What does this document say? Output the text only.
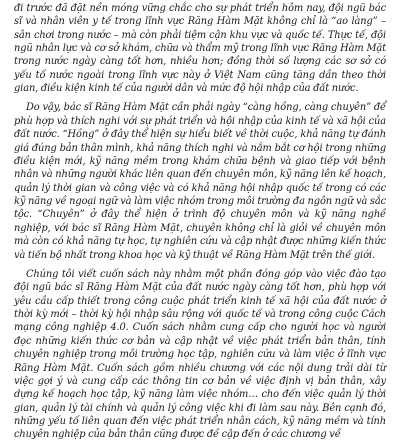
đi trước đã đặt nền móng vững chắc cho sự phát triển hôm nay, đội ngũ bác sĩ và nhân viên y tế trong lĩnh vực Răng Hàm Mặt không chỉ là “ao làng” – sân chơi trong nước – mà còn phải tiệm cận khu vực và quốc tế. Thực tế, đội ngũ nhân lực và cơ sở khám, chữa và thẩm mỹ trong lĩnh vực Răng Hàm Mặt trong nước ngày càng tốt hơn, nhiều hơn; đồng thời số lượng các sơ sở có yếu tố nước ngoài trong lĩnh vực này ở Việt Nam cũng tăng dần theo thời gian, điều kiện kinh tế của người dân và mức độ hội nhập của đất nước.

Do vậy, bác sĩ Răng Hàm Mặt cần phải ngày “càng hồng, càng chuyên” để phù hợp và thích nghi với sự phát triển và hội nhập của kinh tế và xã hội của đất nước. “Hồng” ở đây thể hiện sự hiểu biết về thời cuộc, khả năng tự đánh giá đúng bản thân mình, khả năng thích nghi và nắm bắt cơ hội trong những điều kiện mới, kỹ năng mềm trong khám chữa bệnh và giao tiếp với bệnh nhân và những người khác liên quan đến chuyên môn, kỹ năng lên kế hoạch, quản lý thời gian và công việc và có khả năng hội nhập quốc tế trong có các kỹ năng về ngoại ngữ và làm việc nhóm trong môi trường đa ngôn ngữ và sắc tộc. “Chuyên” ở đây thể hiện ở trình độ chuyên môn và kỹ năng nghề nghiệp, với bác sĩ Răng Hàm Mặt, chuyên không chỉ là giỏi về chuyên môn mà còn có khả năng tự học, tự nghiên cứu và cập nhật được những kiến thức và tiến bộ nhất trong khoa học và kỹ thuật về Răng Hàm Mặt trên thế giới.

Chúng tôi viết cuốn sách này nhằm một phần đóng góp vào việc đào tạo đội ngũ bác sĩ Răng Hàm Mặt của đất nước ngày càng tốt hơn, phù hợp với yêu cầu cấp thiết trong công cuộc phát triển kinh tế xã hội của đất nước ở thời kỳ mới – thời kỳ hội nhập sâu rộng với quốc tế và trong công cuộc Cách mạng công nghiệp 4.0. Cuốn sách nhằm cung cấp cho người học và người đọc những kiến thức cơ bản và cập nhật về việc phát triển bản thân, tính chuyên nghiệp trong môi trường học tập, nghiên cứu và làm việc ở lĩnh vực Răng Hàm Mặt. Cuốn sách gồm nhiều chương với các nội dung trải dài từ việc gợi ý và cung cấp các thông tin cơ bản về việc định vị bản thân, xây dựng kế hoạch học tập, kỹ năng làm việc nhóm… cho đến việc quản lý thời gian, quản lý tài chính và quản lý công việc khi đi làm sau này. Bên cạnh đó, những yếu tố liên quan đến việc phát triển nhân cách, kỹ năng mềm và tính chuyên nghiệp của bản thân cũng được đề cập đến ở các chương về
